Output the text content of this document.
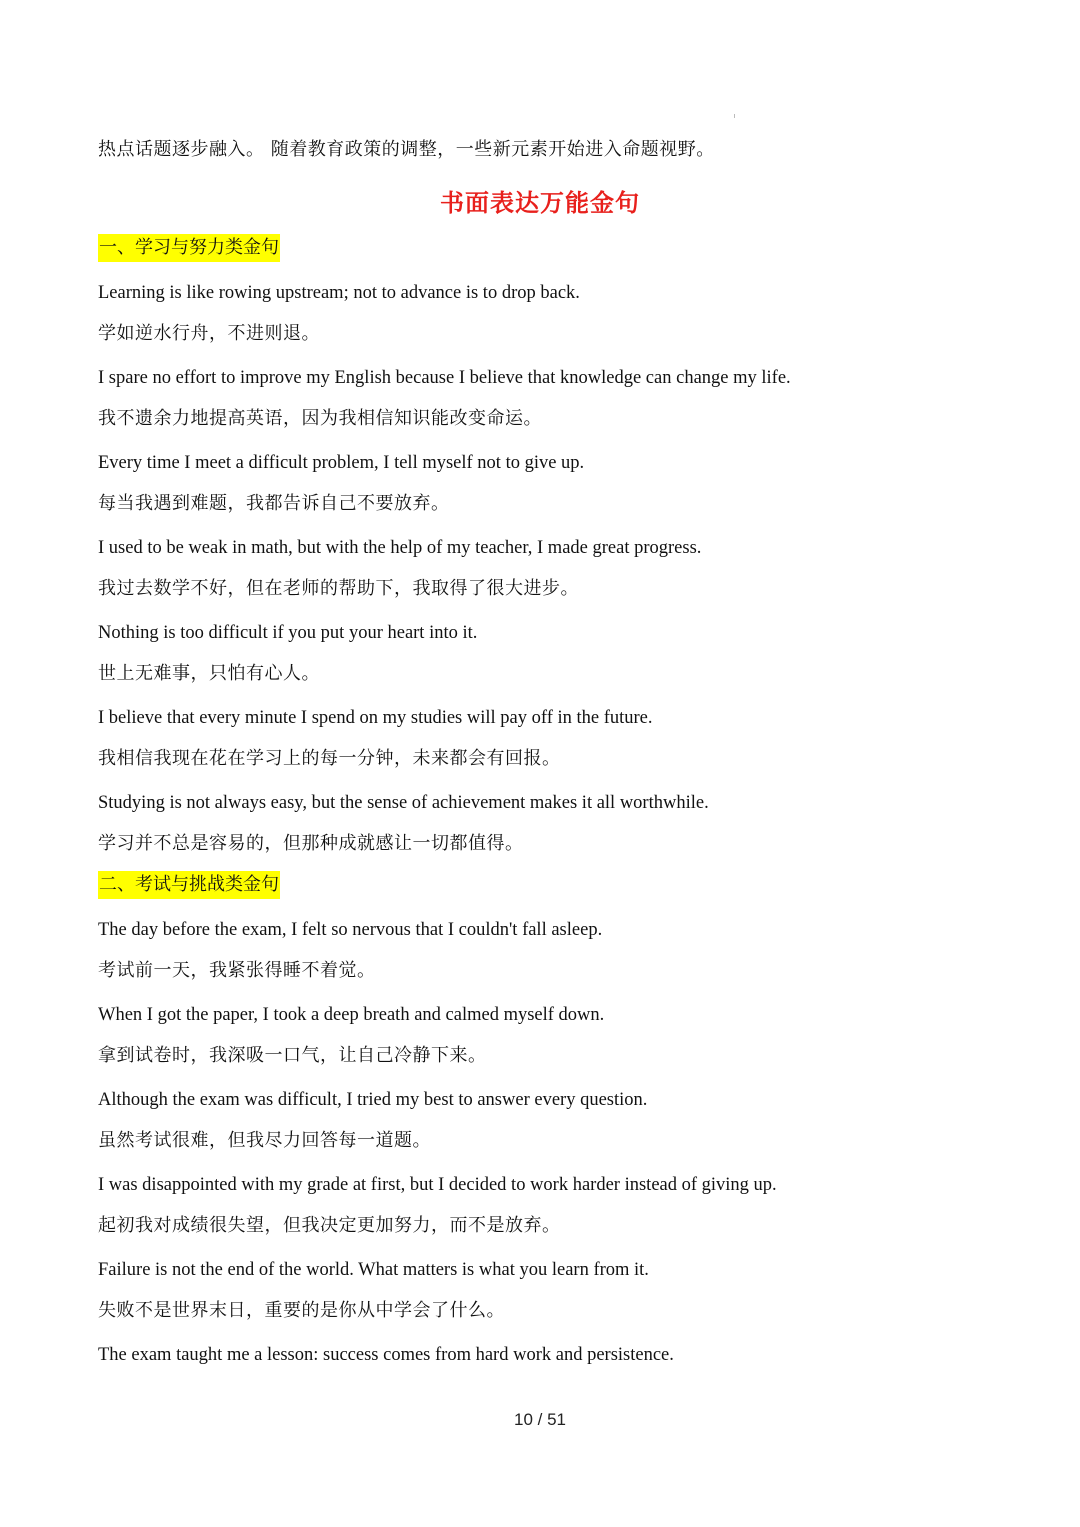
热点话题逐步融入。 随着教育政策的调整，一些新元素开始进入命题视野。
书面表达万能金句
一、学习与努力类金句
Learning is like rowing upstream; not to advance is to drop back.
学如逆水行舟，不进则退。
I spare no effort to improve my English because I believe that knowledge can change my life.
我不遗余力地提高英语，因为我相信知识能改变命运。
Every time I meet a difficult problem, I tell myself not to give up.
每当我遇到难题，我都告诉自己不要放弃。
I used to be weak in math, but with the help of my teacher, I made great progress.
我过去数学不好，但在老师的帮助下，我取得了很大进步。
Nothing is too difficult if you put your heart into it.
世上无难事，只怕有心人。
I believe that every minute I spend on my studies will pay off in the future.
我相信我现在花在学习上的每一分钟，未来都会有回报。
Studying is not always easy, but the sense of achievement makes it all worthwhile.
学习并不总是容易的，但那种成就感让一切都值得。
二、考试与挑战类金句
The day before the exam, I felt so nervous that I couldn't fall asleep.
考试前一天，我紧张得睡不着觉。
When I got the paper, I took a deep breath and calmed myself down.
拿到试卷时，我深吸一口气，让自己冷静下来。
Although the exam was difficult, I tried my best to answer every question.
虽然考试很难，但我尽力回答每一道题。
I was disappointed with my grade at first, but I decided to work harder instead of giving up.
起初我对成绩很失望，但我决定更加努力，而不是放弃。
Failure is not the end of the world. What matters is what you learn from it.
失败不是世界末日，重要的是你从中学会了什么。
The exam taught me a lesson: success comes from hard work and persistence.
10 / 51
